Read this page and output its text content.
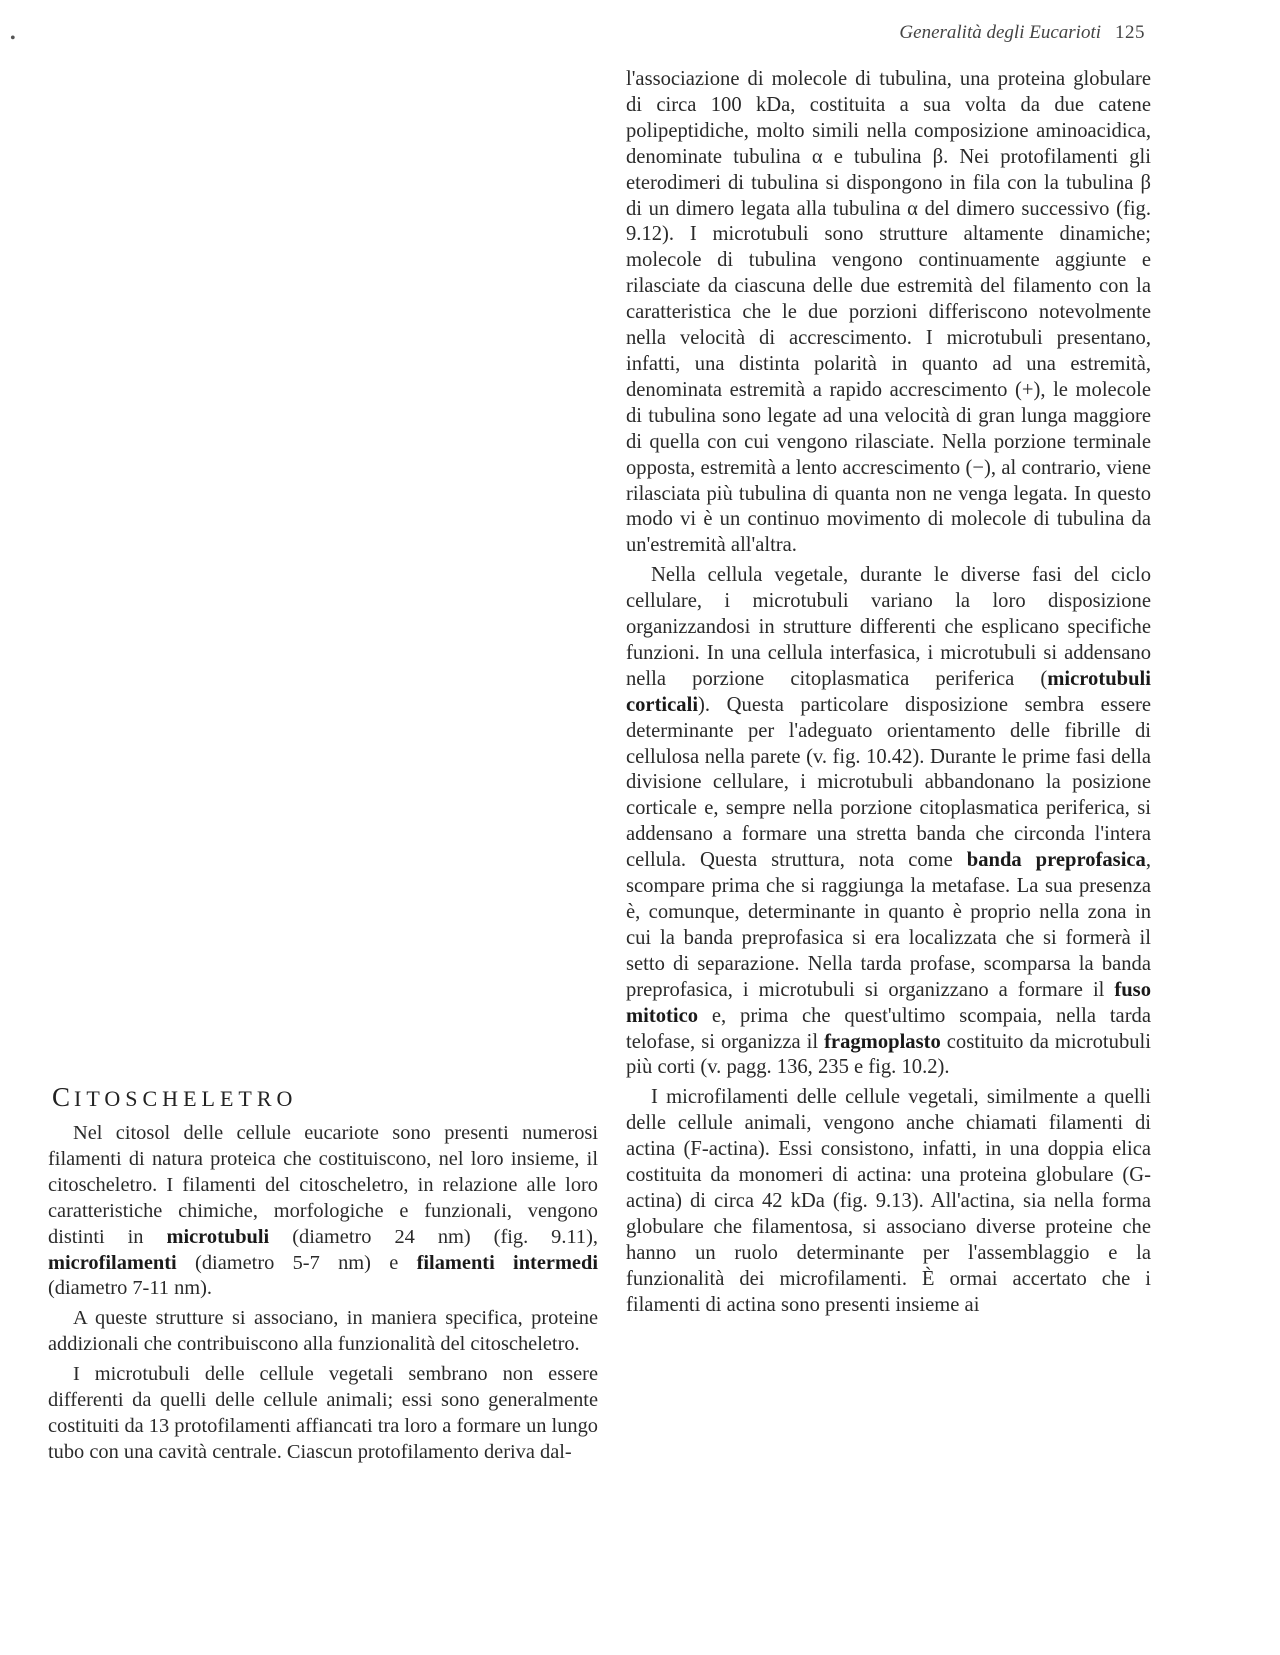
•	Generalità degli Eucarioti 125

l'associazione di molecole di tubulina, una proteina globulare di circa 100 kDa, costituita a sua volta da due catene polipeptidiche, molto simili nella composizione aminoacidica, denominate tubulina α e tubulina β. Nei protofilamenti gli eterodimeri di tubulina si dispongono in fila con la tubulina β di un dimero legata alla tubulina α del dimero successivo (fig. 9.12). I microtubuli sono strutture altamente dinamiche; molecole di tubulina vengono continuamente aggiunte e rilasciate da ciascuna delle due estremità del filamento con la caratteristica che le due porzioni differiscono notevolmente nella velocità di accrescimento. I microtubuli presentano, infatti, una distinta polarità in quanto ad una estremità, denominata estremità a rapido accrescimento (+), le molecole di tubulina sono legate ad una velocità di gran lunga maggiore di quella con cui vengono rilasciate. Nella porzione terminale opposta, estremità a lento accrescimento (−), al contrario, viene rilasciata più tubulina di quanta non ne venga legata. In questo modo vi è un continuo movimento di molecole di tubulina da un'estremità all'altra.

Nella cellula vegetale, durante le diverse fasi del ciclo cellulare, i microtubuli variano la loro disposizione organizzandosi in strutture differenti che esplicano specifiche funzioni. In una cellula interfasica, i microtubuli si addensano nella porzione citoplasmatica periferica (microtubuli corticali). Questa particolare disposizione sembra essere determinante per l'adeguato orientamento delle fibrille di cellulosa nella parete (v. fig. 10.42). Durante le prime fasi della divisione cellulare, i microtubuli abbandonano la posizione corticale e, sempre nella porzione citoplasmatica periferica, si addensano a formare una stretta banda che circonda l'intera cellula. Questa struttura, nota come banda preprofasica, scompare prima che si raggiunga la metafase. La sua presenza è, comunque, determinante in quanto è proprio nella zona in cui la banda preprofasica si era localizzata che si formerà il setto di separazione. Nella tarda profase, scomparsa la banda preprofasica, i microtubuli si organizzano a formare il fuso mitotico e, prima che quest'ultimo scompaia, nella tarda telofase, si organizza il fragmoplasto costituito da microtubuli più corti (v. pagg. 136, 235 e fig. 10.2).

I microfilamenti delle cellule vegetali, similmente a quelli delle cellule animali, vengono anche chiamati filamenti di actina (F-actina). Essi consistono, infatti, in una doppia elica costituita da monomeri di actina: una proteina globulare (G-actina) di circa 42 kDa (fig. 9.13). All'actina, sia nella forma globulare che filamentosa, si associano diverse proteine che hanno un ruolo determinante per l'assemblaggio e la funzionalità dei microfilamenti. È ormai accertato che i filamenti di actina sono presenti insieme ai

CITOSCHELETRO

Nel citosol delle cellule eucariote sono presenti numerosi filamenti di natura proteica che costituiscono, nel loro insieme, il citoscheletro. I filamenti del citoscheletro, in relazione alle loro caratteristiche chimiche, morfologiche e funzionali, vengono distinti in microtubuli (diametro 24 nm) (fig. 9.11), microfilamenti (diametro 5-7 nm) e filamenti intermedi (diametro 7-11 nm).

A queste strutture si associano, in maniera specifica, proteine addizionali che contribuiscono alla funzionalità del citoscheletro.

I microtubuli delle cellule vegetali sembrano non essere differenti da quelli delle cellule animali; essi sono generalmente costituiti da 13 protofilamenti affiancati tra loro a formare un lungo tubo con una cavità centrale. Ciascun protofilamento deriva dal-
